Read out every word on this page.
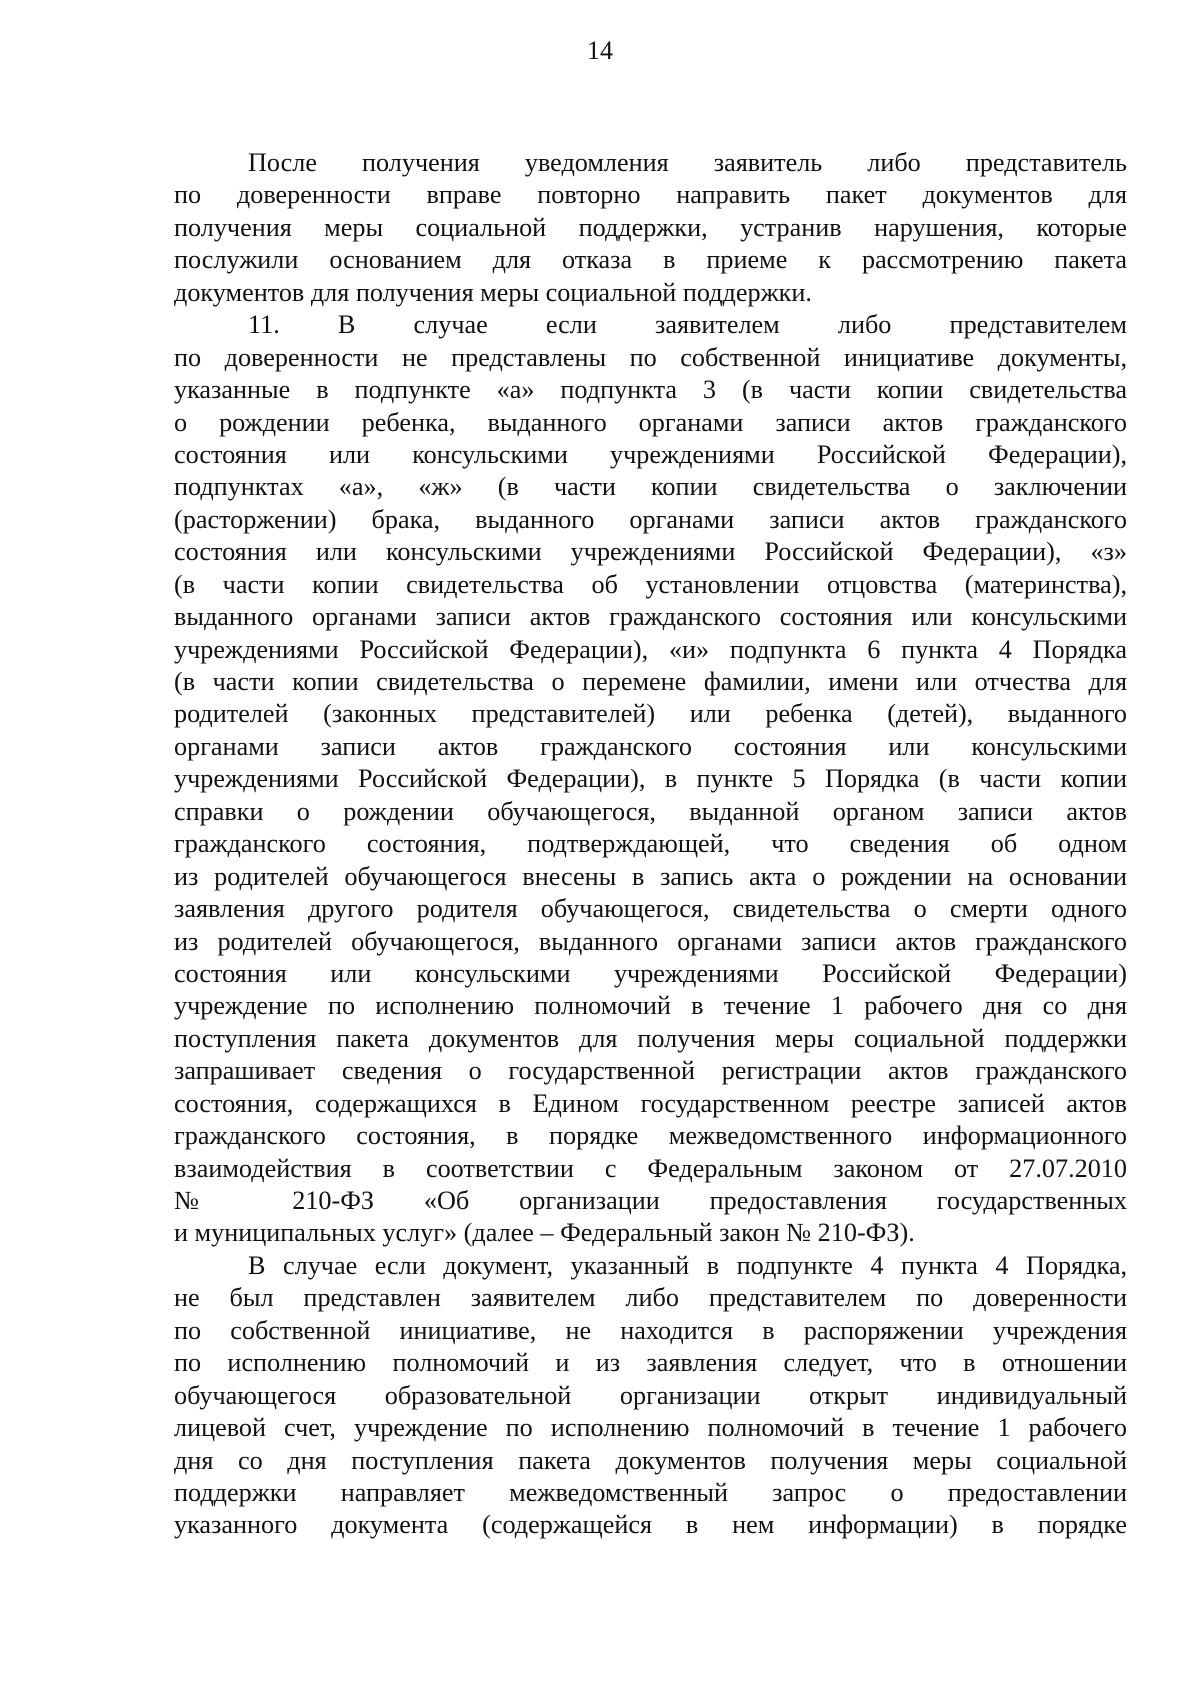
14
После получения уведомления заявитель либо представитель
по доверенности вправе повторно направить пакет документов для
получения меры социальной поддержки, устранив нарушения, которые
послужили основанием для отказа в приеме к рассмотрению пакета
документов для получения меры социальной поддержки.
11. В случае если заявителем либо представителем
по доверенности не представлены по собственной инициативе документы,
указанные в подпункте «а» подпункта 3 (в части копии свидетельства
о рождении ребенка, выданного органами записи актов гражданского
состояния или консульскими учреждениями Российской Федерации),
подпунктах «а», «ж» (в части копии свидетельства о заключении
(расторжении) брака, выданного органами записи актов гражданского
состояния или консульскими учреждениями Российской Федерации), «з»
(в части копии свидетельства об установлении отцовства (материнства),
выданного органами записи актов гражданского состояния или консульскими
учреждениями Российской Федерации), «и» подпункта 6 пункта 4 Порядка
(в части копии свидетельства о перемене фамилии, имени или отчества для
родителей (законных представителей) или ребенка (детей), выданного
органами записи актов гражданского состояния или консульскими
учреждениями Российской Федерации), в пункте 5 Порядка (в части копии
справки о рождении обучающегося, выданной органом записи актов
гражданского состояния, подтверждающей, что сведения об одном
из родителей обучающегося внесены в запись акта о рождении на основании
заявления другого родителя обучающегося, свидетельства о смерти одного
из родителей обучающегося, выданного органами записи актов гражданского
состояния или консульскими учреждениями Российской Федерации)
учреждение по исполнению полномочий в течение 1 рабочего дня со дня
поступления пакета документов для получения меры социальной поддержки
запрашивает сведения о государственной регистрации актов гражданского
состояния, содержащихся в Едином государственном реестре записей актов
гражданского состояния, в порядке межведомственного информационного
взаимодействия в соответствии с Федеральным законом от 27.07.2010
№ 210-ФЗ «Об организации предоставления государственных
и муниципальных услуг» (далее – Федеральный закон № 210-ФЗ).
В случае если документ, указанный в подпункте 4 пункта 4 Порядка,
не был представлен заявителем либо представителем по доверенности
по собственной инициативе, не находится в распоряжении учреждения
по исполнению полномочий и из заявления следует, что в отношении
обучающегося образовательной организации открыт индивидуальный
лицевой счет, учреждение по исполнению полномочий в течение 1 рабочего
дня со дня поступления пакета документов получения меры социальной
поддержки направляет межведомственный запрос о предоставлении
указанного документа (содержащейся в нем информации) в порядке
